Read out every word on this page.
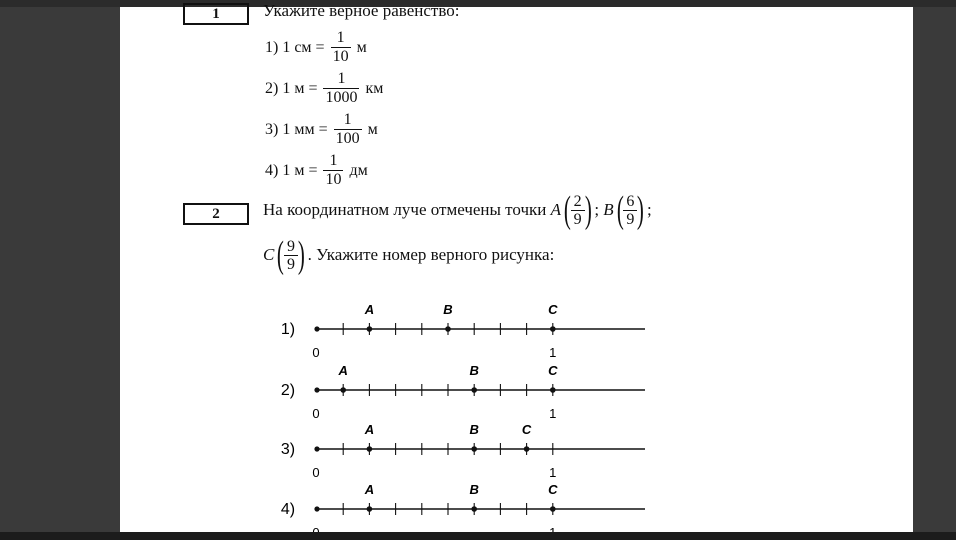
1	Укажите верное равенство:
1)
1 см = $\frac{1}{10}$ м
2)
1 $м = \frac{1}{1000}$ км
3)
1 мм = $\frac{1}{100}$ м
4)
1 $м = \frac{1}{10}$ дм
2	На координатном луче отмечены точки
A ( $\frac{2}{9}$ ) ;
B ( $\frac{6}{9}$ ) ;
C ( $\frac{9}{9}$ ) . Укажите номер верного рисунка:
1)
0	1
A	B	C
2)
0	1
A	B	C
3)
0	1
A	B	C
4)
A	B	C
